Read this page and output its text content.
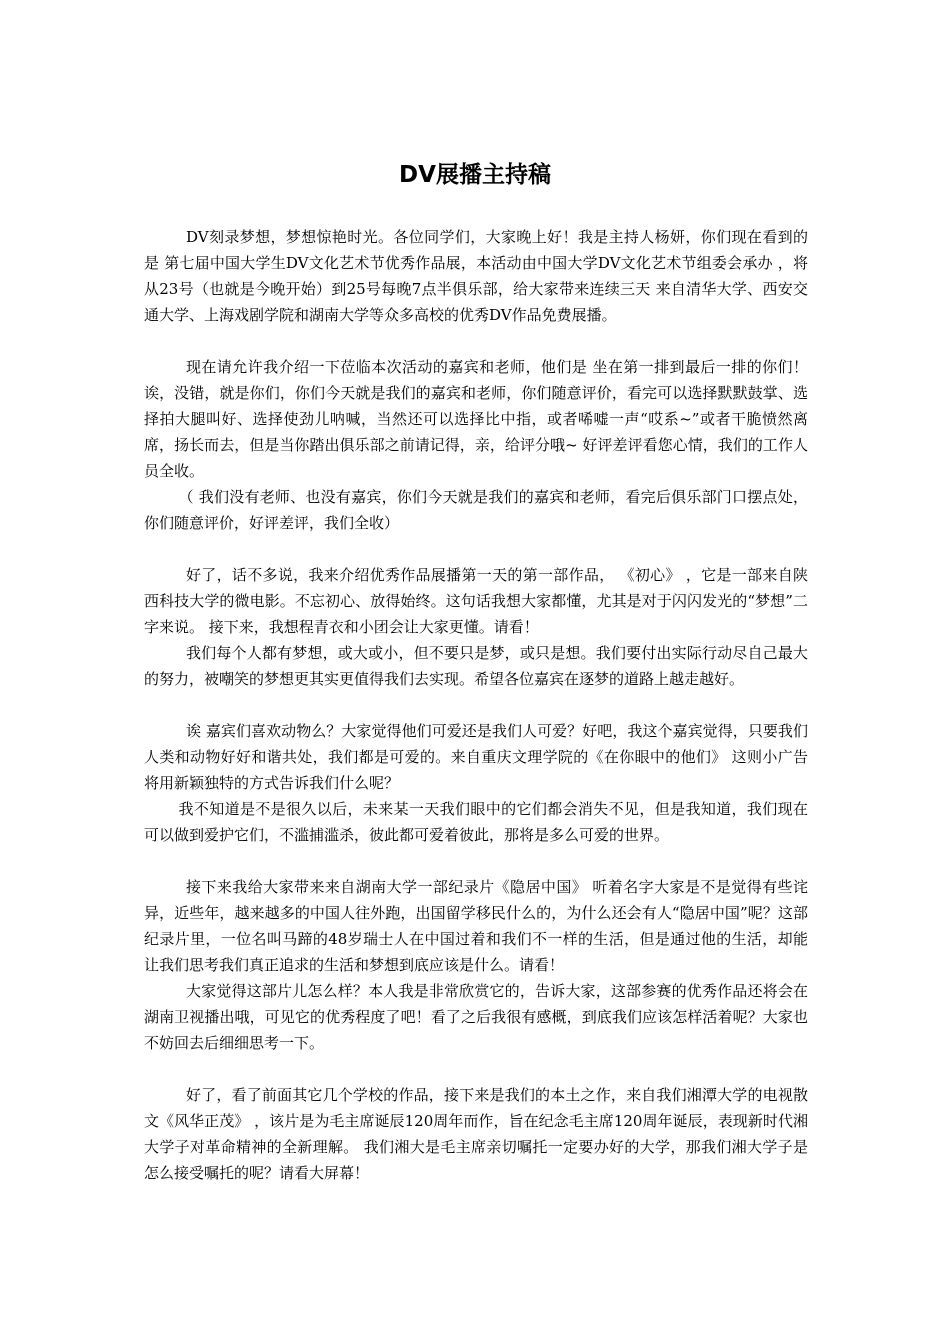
DV展播主持稿

DV刻录梦想，梦想惊艳时光。各位同学们，大家晚上好！我是主持人杨妍，你们现在看到的是 第七届中国大学生DV文化艺术节优秀作品展，本活动由中国大学DV文化艺术节组委会承办 ，将从23号（也就是今晚开始）到25号每晚7点半俱乐部，给大家带来连续三天 来自清华大学、西安交通大学、上海戏剧学院和湖南大学等众多高校的优秀DV作品免费展播。

现在请允许我介绍一下莅临本次活动的嘉宾和老师，他们是 坐在第一排到最后一排的你们！ 诶，没错，就是你们，你们今天就是我们的嘉宾和老师，你们随意评价，看完可以选择默默鼓掌、选择拍大腿叫好、选择使劲儿呐喊，当然还可以选择比中指，或者唏嘘一声“哎系~”或者干脆愤然离席，扬长而去，但是当你踏出俱乐部之前请记得，亲，给评分哦~ 好评差评看您心情，我们的工作人员全收。

（ 我们没有老师、也没有嘉宾，你们今天就是我们的嘉宾和老师，看完后俱乐部门口摆点处，你们随意评价，好评差评，我们全收）

好了，话不多说，我来介绍优秀作品展播第一天的第一部作品， 《初心》 ，它是一部来自陕西科技大学的微电影。不忘初心、放得始终。这句话我想大家都懂，尤其是对于闪闪发光的“梦想”二字来说。 接下来，我想程青衣和小团会让大家更懂。请看！

我们每个人都有梦想，或大或小，但不要只是梦，或只是想。我们要付出实际行动尽自己最大的努力，被嘲笑的梦想更其实更值得我们去实现。希望各位嘉宾在逐梦的道路上越走越好。

诶 嘉宾们喜欢动物么？大家觉得他们可爱还是我们人可爱？好吧，我这个嘉宾觉得，只要我们人类和动物好好和谐共处，我们都是可爱的。来自重庆文理学院的《在你眼中的他们》 这则小广告将用新颖独特的方式告诉我们什么呢？

我不知道是不是很久以后，未来某一天我们眼中的它们都会消失不见，但是我知道，我们现在可以做到爱护它们，不滥捕滥杀，彼此都可爱着彼此，那将是多么可爱的世界。

接下来我给大家带来来自湖南大学一部纪录片《隐居中国》 听着名字大家是不是觉得有些诧异，近些年，越来越多的中国人往外跑，出国留学移民什么的，为什么还会有人“隐居中国”呢？这部纪录片里，一位名叫马蹄的48岁瑞士人在中国过着和我们不一样的生活，但是通过他的生活，却能让我们思考我们真正追求的生活和梦想到底应该是什么。请看！

大家觉得这部片儿怎么样？本人我是非常欣赏它的，告诉大家，这部参赛的优秀作品还将会在湖南卫视播出哦，可见它的优秀程度了吧！看了之后我很有感概，到底我们应该怎样活着呢？大家也不妨回去后细细思考一下。

好了，看了前面其它几个学校的作品，接下来是我们的本土之作，来自我们湘潭大学的电视散文《风华正茂》 ，该片是为毛主席诞辰120周年而作，旨在纪念毛主席120周年诞辰，表现新时代湘大学子对革命精神的全新理解。 我们湘大是毛主席亲切嘱托一定要办好的大学，那我们湘大学子是怎么接受嘱托的呢？请看大屏幕！
